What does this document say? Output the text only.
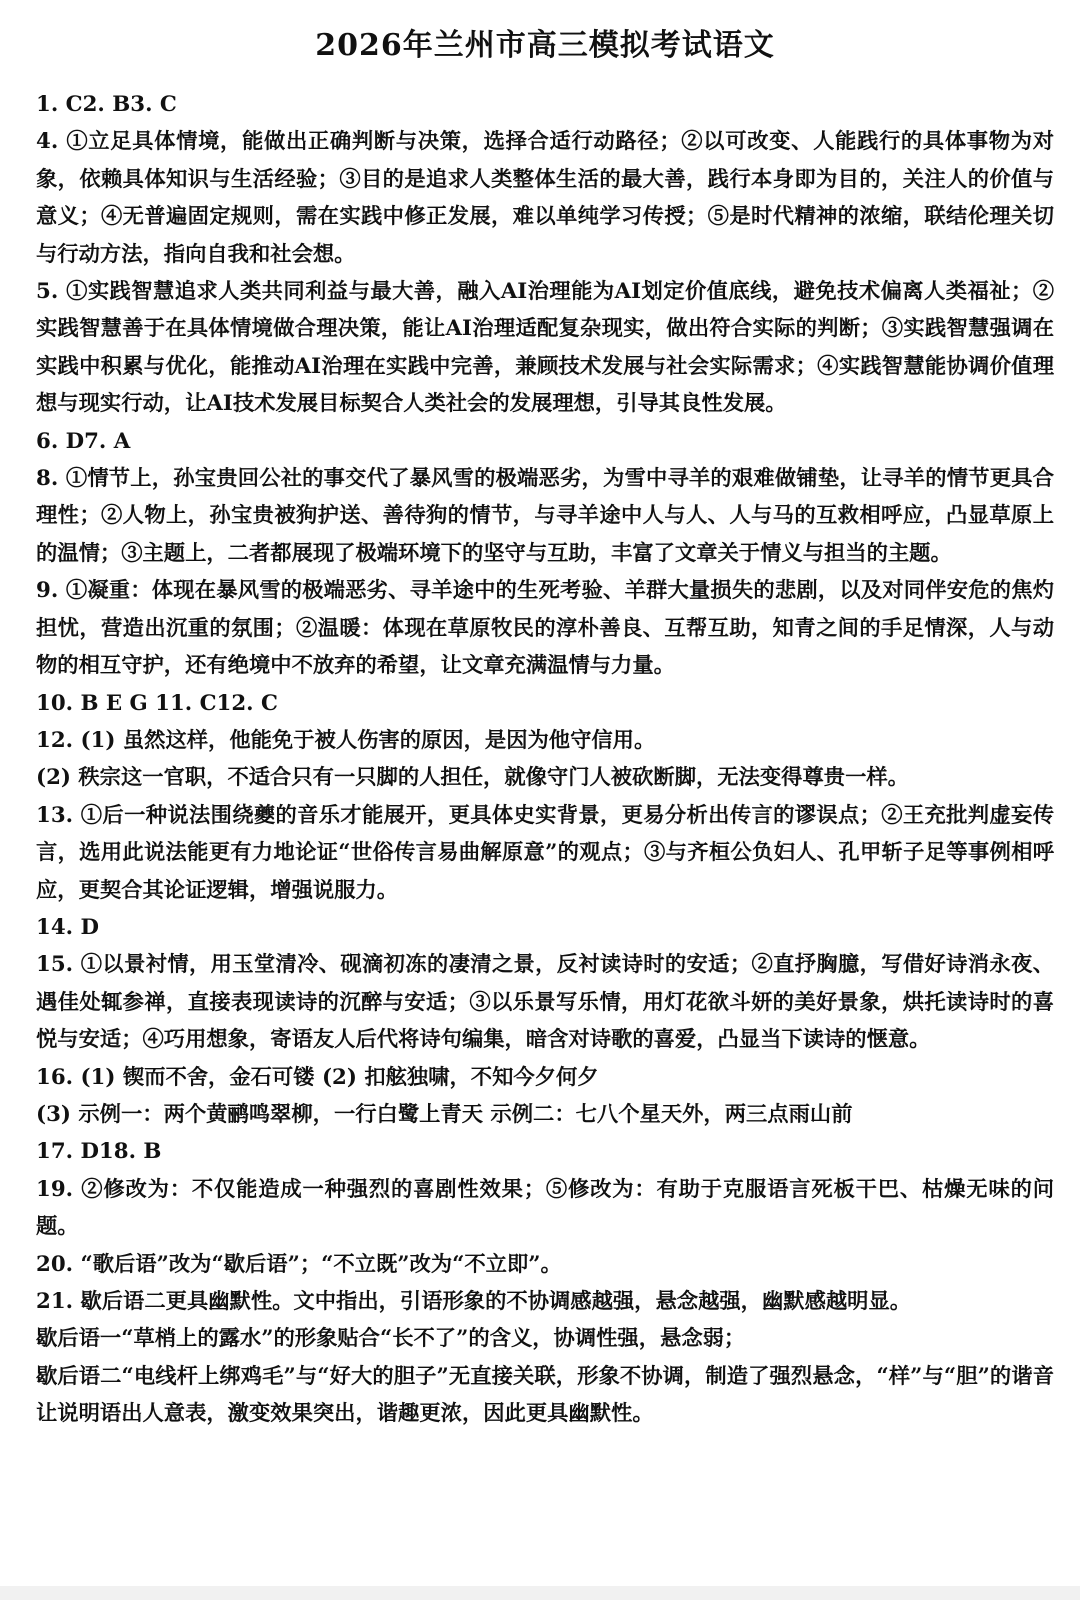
2026年兰州市高三模拟考试语文

1. C2. B3. C

4. ①立足具体情境，能做出正确判断与决策，选择合适行动路径；②以可改变、人能践行的具体事物为对象，依赖具体知识与生活经验；③目的是追求人类整体生活的最大善，践行本身即为目的，关注人的价值与意义；④无普遍固定规则，需在实践中修正发展，难以单纯学习传授；⑤是时代精神的浓缩，联结伦理关切与行动方法，指向自我和社会想。

5. ①实践智慧追求人类共同利益与最大善，融入AI治理能为AI划定价值底线，避免技术偏离人类福祉；②实践智慧善于在具体情境做合理决策，能让AI治理适配复杂现实，做出符合实际的判断；③实践智慧强调在实践中积累与优化，能推动AI治理在实践中完善，兼顾技术发展与社会实际需求；④实践智慧能协调价值理想与现实行动，让AI技术发展目标契合人类社会的发展理想，引导其良性发展。

6. D7. A

8. ①情节上，孙宝贵回公社的事交代了暴风雪的极端恶劣，为雪中寻羊的艰难做铺垫，让寻羊的情节更具合理性；②人物上，孙宝贵被狗护送、善待狗的情节，与寻羊途中人与人、人与马的互救相呼应，凸显草原上的温情；③主题上，二者都展现了极端环境下的坚守与互助，丰富了文章关于情义与担当的主题。

9. ①凝重：体现在暴风雪的极端恶劣、寻羊途中的生死考验、羊群大量损失的悲剧，以及对同伴安危的焦灼担忧，营造出沉重的氛围；②温暖：体现在草原牧民的淳朴善良、互帮互助，知青之间的手足情深，人与动物的相互守护，还有绝境中不放弃的希望，让文章充满温情与力量。

10. B E G 11. C12. C

12. (1) 虽然这样，他能免于被人伤害的原因，是因为他守信用。

(2) 秩宗这一官职，不适合只有一只脚的人担任，就像守门人被砍断脚，无法变得尊贵一样。

13. ①后一种说法围绕夔的音乐才能展开，更具体史实背景，更易分析出传言的谬误点；②王充批判虚妄传言，选用此说法能更有力地论证“世俗传言易曲解原意”的观点；③与齐桓公负妇人、孔甲斩子足等事例相呼应，更契合其论证逻辑，增强说服力。

14. D

15. ①以景衬情，用玉堂清冷、砚滴初冻的凄清之景，反衬读诗时的安适；②直抒胸臆，写借好诗消永夜、遇佳处辄参禅，直接表现读诗的沉醉与安适；③以乐景写乐情，用灯花欲斗妍的美好景象，烘托读诗时的喜悦与安适；④巧用想象，寄语友人后代将诗句编集，暗含对诗歌的喜爱，凸显当下读诗的惬意。

16. (1) 锲而不舍，金石可镂 (2) 扣舷独啸，不知今夕何夕

(3) 示例一：两个黄鹂鸣翠柳，一行白鹭上青天 示例二：七八个星天外，两三点雨山前

17. D18. B

19. ②修改为：不仅能造成一种强烈的喜剧性效果；⑤修改为：有助于克服语言死板干巴、枯燥无味的问题。

20. “歌后语”改为“歇后语”；“不立既”改为“不立即”。

21. 歇后语二更具幽默性。文中指出，引语形象的不协调感越强，悬念越强，幽默感越明显。

歇后语一“草梢上的露水”的形象贴合“长不了”的含义，协调性强，悬念弱；

歇后语二“电线杆上绑鸡毛”与“好大的胆子”无直接关联，形象不协调，制造了强烈悬念，“样”与“胆”的谐音让说明语出人意表，激变效果突出，谐趣更浓，因此更具幽默性。
